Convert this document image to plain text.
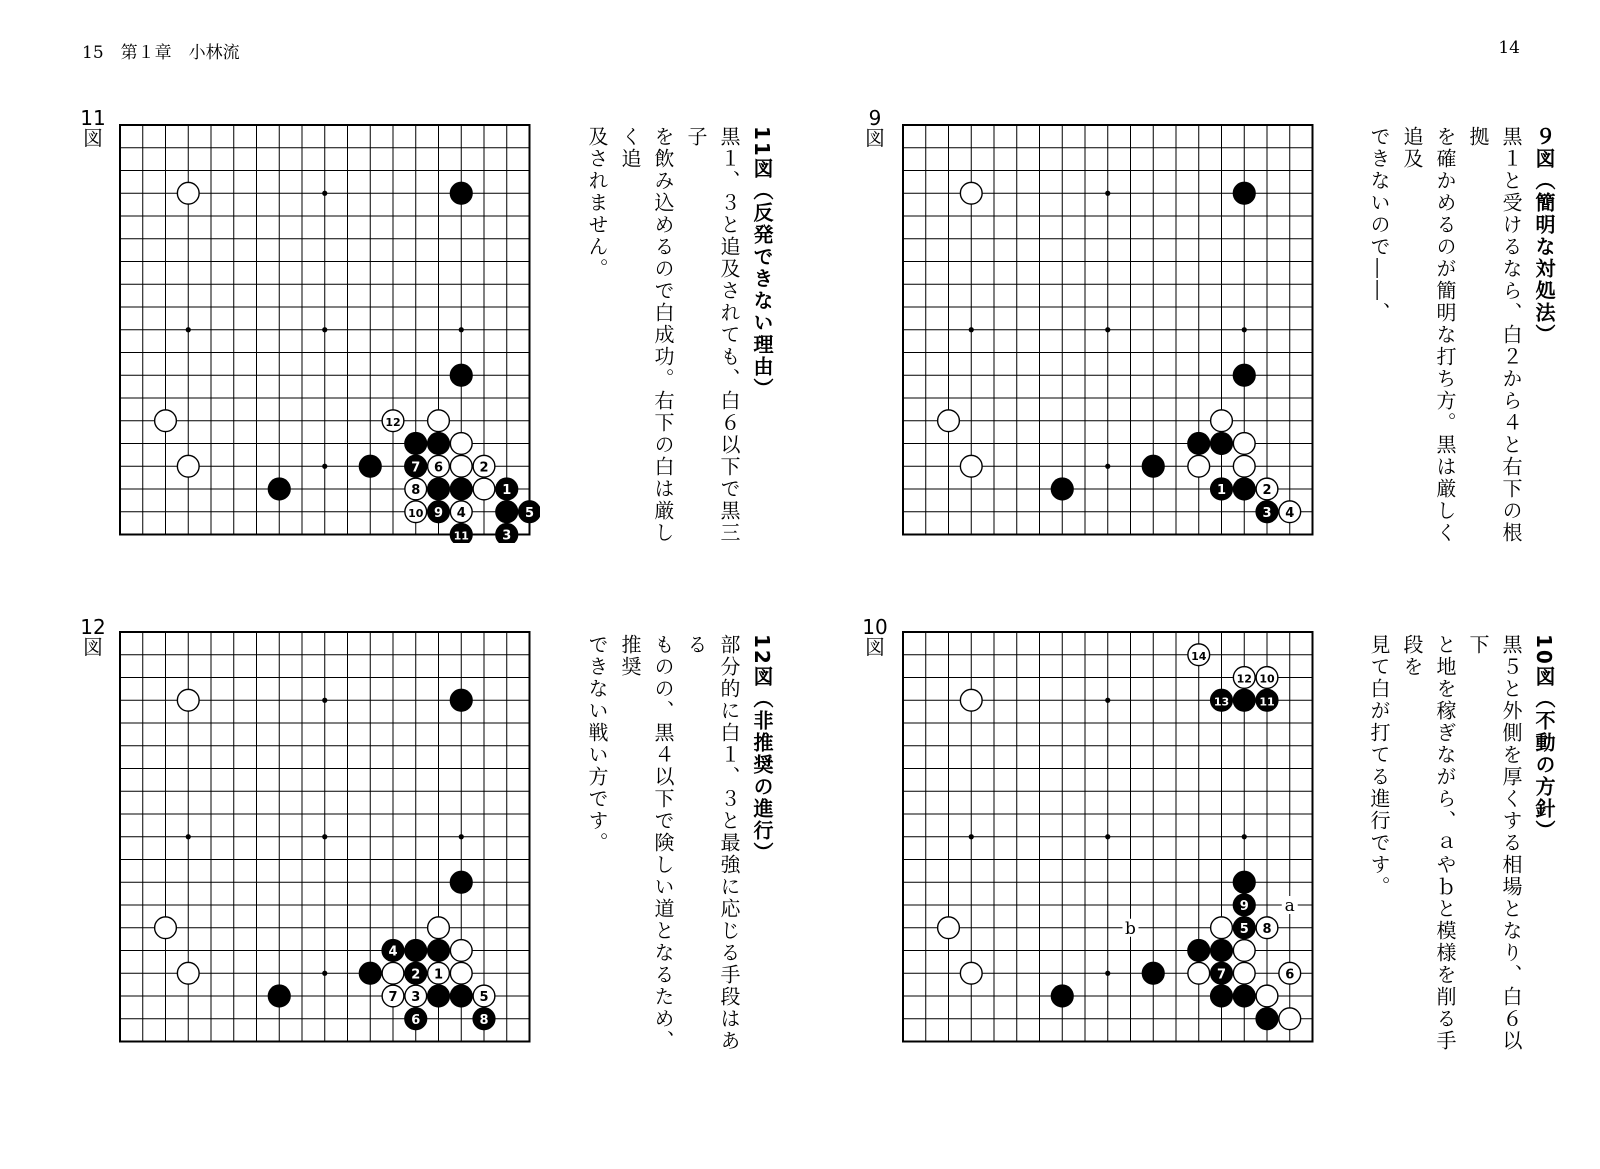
15　第１章　小林流	14
11
図
1
2
3
4	5
6
7
8
9
10
11
12

11図（反発できない理由）

黒１、３と追及されても、白６以下で黒三子

を飲み込めるので白成功。右下の白は厳しく追

及されません。

9
図
1	2
3 4

９図（簡明な対処法）

黒１と受けるなら、白２から４と右下の根拠

を確かめるのが簡明な打ち方。黒は厳しく追及

できないので――、

12
図
1
2
3
4
5
6
7
8

12図（非推奨の進行）

部分的に白１、３と最強に応じる手段はある

ものの、黒４以下で険しい道となるため、推奨

できない戦い方です。

10
図
5
6
7
8
9
10
11
12
13
14
a
b

10図（不動の方針）

黒５と外側を厚くする相場となり、白６以下

と地を稼ぎながら、ａやｂと模様を削る手段を

見て白が打てる進行です。
